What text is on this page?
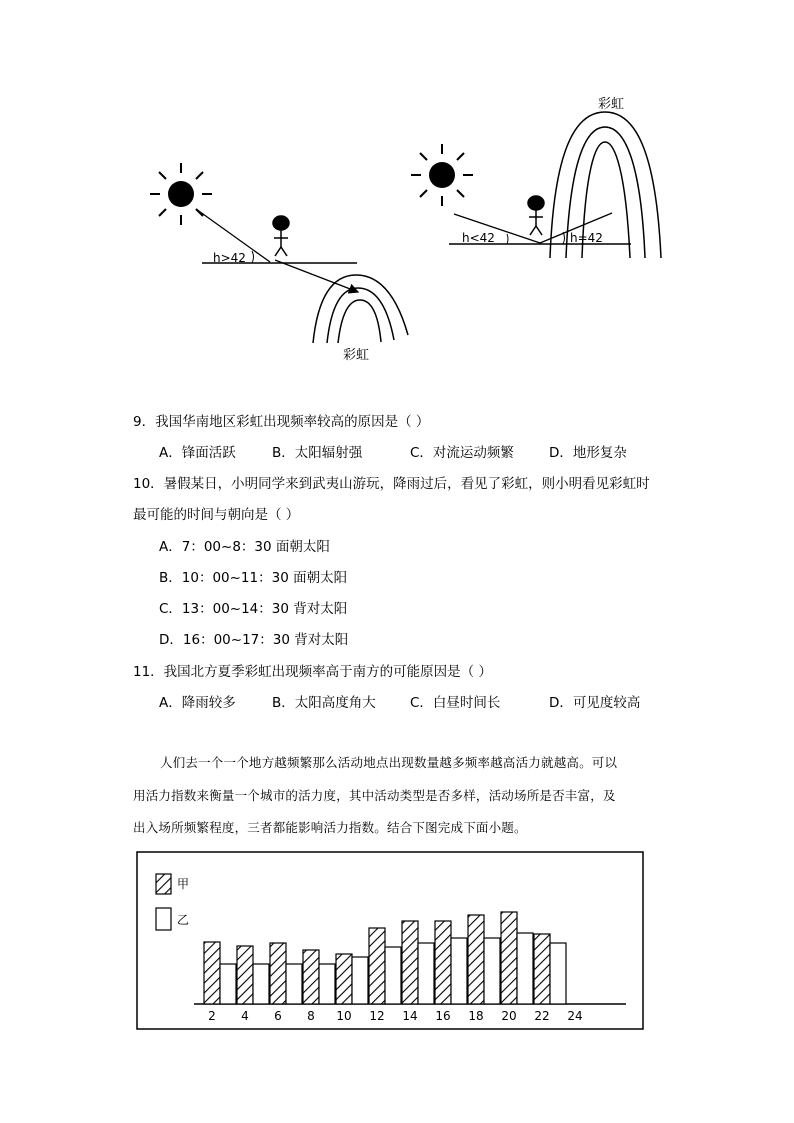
h>42
彩虹
h<42	h=42
彩虹
9．我国华南地区彩虹出现频率较高的原因是（ ）
A．锋面活跃	B．太阳辐射强	C．对流运动频繁	D．地形复杂
10．暑假某日，小明同学来到武夷山游玩，降雨过后，看见了彩虹，则小明看见彩虹时
最可能的时间与朝向是（ ）
A．7：00~8：30 面朝太阳
B．10：00~11：30 面朝太阳
C．13：00~14：30 背对太阳
D．16：00~17：30 背对太阳
11．我国北方夏季彩虹出现频率高于南方的可能原因是（ ）
A．降雨较多	B．太阳高度角大	C．白昼时间长	D．可见度较高
人们去一个一个地方越频繁那么活动地点出现数量越多频率越高活力就越高。可以
用活力指数来衡量一个城市的活力度，其中活动类型是否多样，活动场所是否丰富，及
出入场所频繁程度，三者都能影响活力指数。结合下图完成下面小题。
甲
乙
2 4 6 8 10 12 14 16 18 20 22 24
